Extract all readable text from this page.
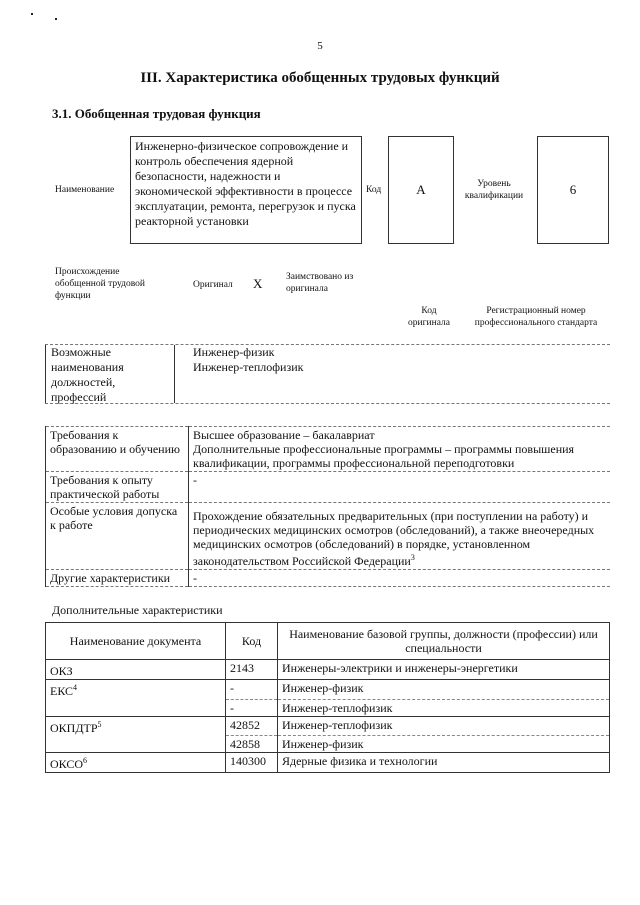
5
III. Характеристика обобщенных трудовых функций
3.1. Обобщенная трудовая функция
Наименование
Инженерно-физическое сопровождение и контроль обеспечения ядерной безопасности, надежности и экономической эффективности в процессе эксплуатации, ремонта, перегрузок и пуска реакторной установки
Код	A	Уровень квалификации	6
Происхождение обобщенной трудовой функции
Оригинал X Заимствовано из оригинала
Код оригинала
Регистрационный номер профессионального стандарта
Возможные наименования должностей, профессий
Инженер-физик
Инженер-теплофизик
Требования к образованию и обучению	Высшее образование – бакалавриат
Дополнительные профессиональные программы – программы повышения квалификации, программы профессиональной переподготовки

Требования к опыту практической работы	-

Особые условия допуска к работе	Прохождение обязательных предварительных (при поступлении на работу) и периодических медицинских осмотров (обследований), а также внеочередных медицинских осмотров (обследований) в порядке, установленном законодательством Российской Федерации$^3$
Другие характеристики	-
Дополнительные характеристики
Наименование документа	Код	Наименование базовой группы, должности (профессии) или специальности
ОКЗ	2143	Инженеры-электрики и инженеры-энергетики
ЕКС$^4$	-	Инженер-физик
	-	Инженер-теплофизик
ОКПДТР$^5$	42852	Инженер-теплофизик
	42858	Инженер-физик
ОКСО$^6$	140300	Ядерные физика и технологии
